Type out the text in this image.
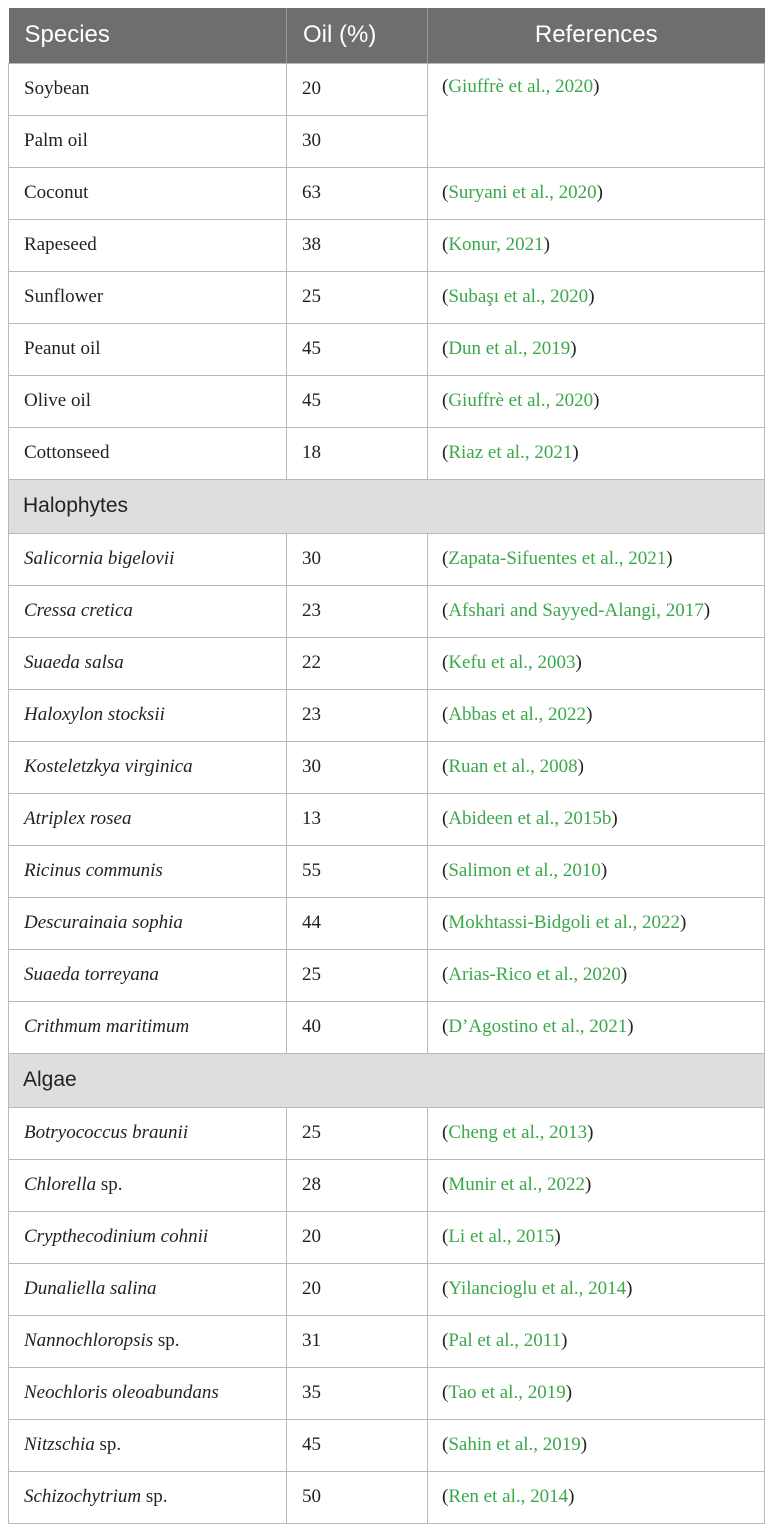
Species	Oil (%)	References
Soybean	20	(Giuffrè et al., 2020)
Palm oil	30	
Coconut	63	(Suryani et al., 2020)
Rapeseed	38	(Konur, 2021)
Sunflower	25	(Subaşı et al., 2020)
Peanut oil	45	(Dun et al., 2019)
Olive oil	45	(Giuffrè et al., 2020)
Cottonseed	18	(Riaz et al., 2021)
Halophytes		
Salicornia bigelovii	30	(Zapata-Sifuentes et al., 2021)
Cressa cretica	23	(Afshari and Sayyed-Alangi, 2017)
Suaeda salsa	22	(Kefu et al., 2003)
Haloxylon stocksii	23	(Abbas et al., 2022)
Kosteletzkya virginica	30	(Ruan et al., 2008)
Atriplex rosea	13	(Abideen et al., 2015b)
Ricinus communis	55	(Salimon et al., 2010)
Descurainaia sophia	44	(Mokhtassi-Bidgoli et al., 2022)
Suaeda torreyana	25	(Arias-Rico et al., 2020)
Crithmum maritimum	40	(D’Agostino et al., 2021)
Algae		
Botryococcus braunii	25	(Cheng et al., 2013)
Chlorella sp.	28	(Munir et al., 2022)
Crypthecodinium cohnii	20	(Li et al., 2015)
Dunaliella salina	20	(Yilancioglu et al., 2014)
Nannochloropsis sp.	31	(Pal et al., 2011)
Neochloris oleoabundans	35	(Tao et al., 2019)
Nitzschia sp.	45	(Sahin et al., 2019)
Schizochytrium sp.	50	(Ren et al., 2014)
